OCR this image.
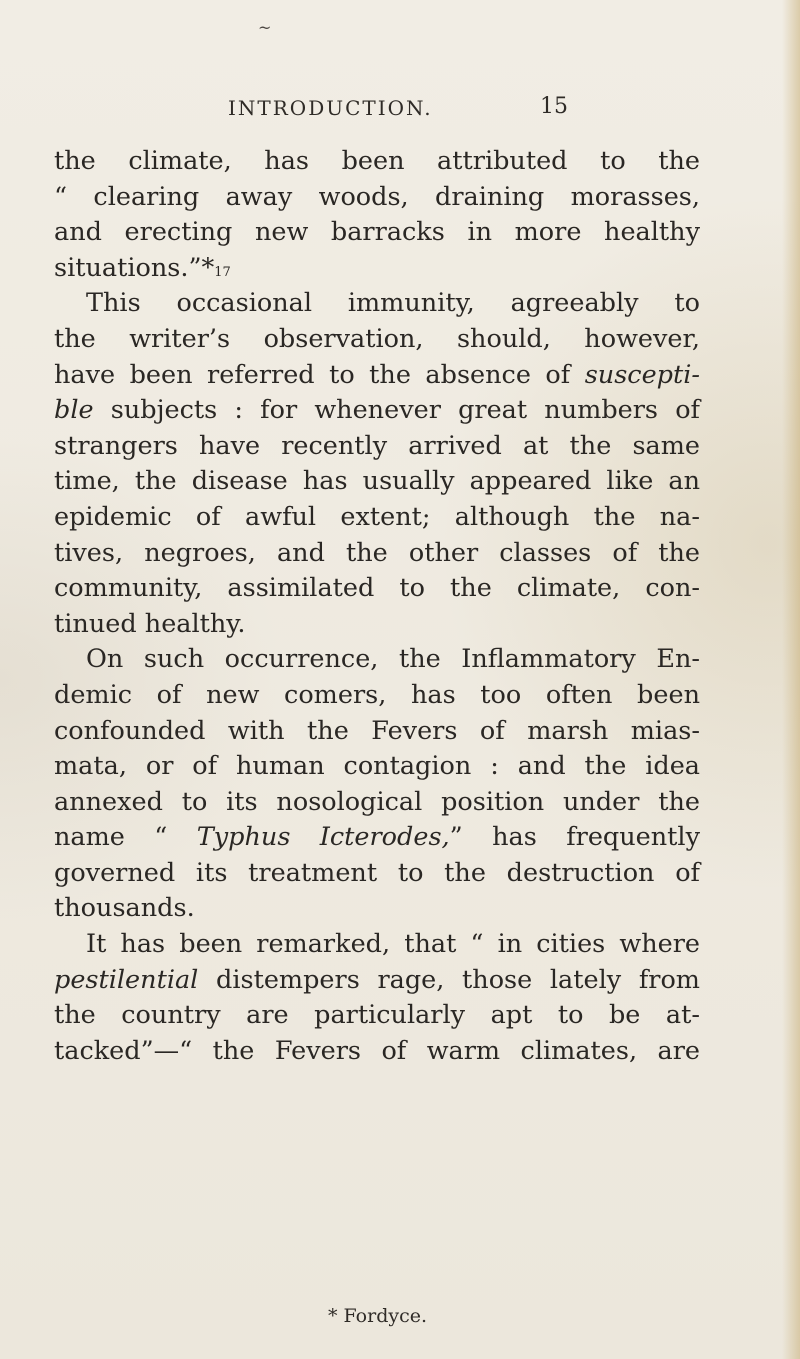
~
INTRODUCTION.	15
the climate, has been attributed to the
“ clearing away woods, draining morasses,
and erecting new barracks in more healthy
situations.”*$^{17}$
This occasional immunity, agreeably to
the writer’s observation, should, however,
have been referred to the absence of suscepti-
ble subjects : for whenever great numbers of
strangers have recently arrived at the same
time, the disease has usually appeared like an
epidemic of awful extent; although the na-
tives, negroes, and the other classes of the
community, assimilated to the climate, con-
tinued healthy.
On such occurrence, the Inflammatory En-
demic of new comers, has too often been
confounded with the Fevers of marsh mias-
mata, or of human contagion : and the idea
annexed to its nosological position under the
name “ Typhus Icterodes,” has frequently
governed its treatment to the destruction of
thousands.
It has been remarked, that “ in cities where
pestilential distempers rage, those lately from
the country are particularly apt to be at-
tacked”—“ the Fevers of warm climates, are
* Fordyce.
